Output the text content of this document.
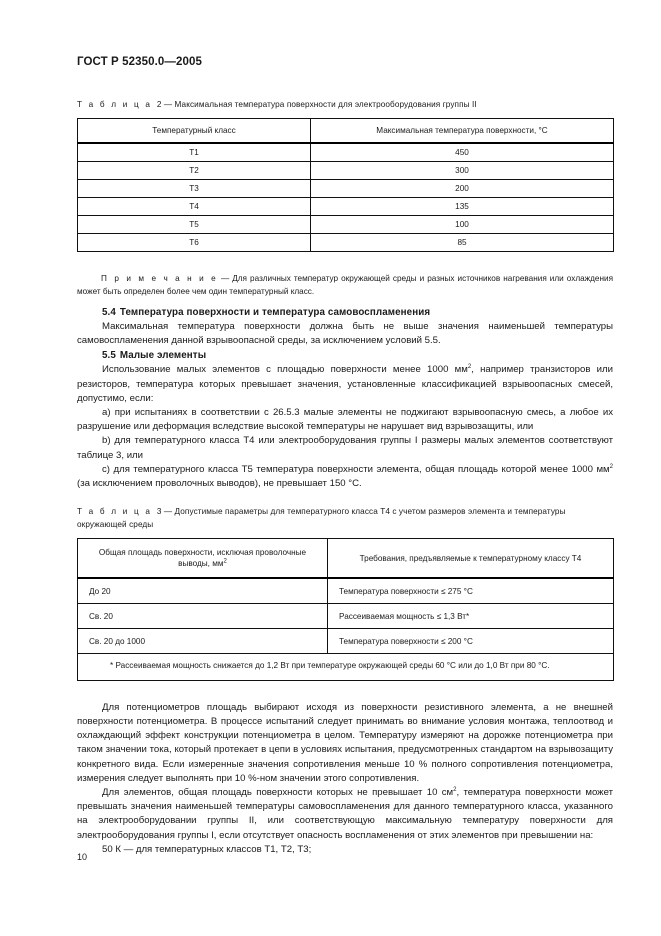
ГОСТ Р 52350.0—2005
Т а б л и ц а 2 — Максимальная температура поверхности для электрооборудования группы II
Температурный класс	Максимальная температура поверхности, °С
Т1	450
Т2	300
Т3	200
Т4	135
Т5	100
Т6	85

П р и м е ч а н и е — Для различных температур окружающей среды и разных источников нагревания или охлаждения может быть определен более чем один температурный класс.

5.4 Температура поверхности и температура самовоспламенения

Максимальная температура поверхности должна быть не выше значения наименьшей температуры самовоспламенения данной взрывоопасной среды, за исключением условий 5.5.

5.5 Малые элементы

Использование малых элементов с площадью поверхности менее 1000 $мм^2$, например транзисторов или резисторов, температура которых превышает значения, установленные классификацией взрывоопасных смесей, допустимо, если:

а) при испытаниях в соответствии с 26.5.3 малые элементы не поджигают взрывоопасную смесь, а любое их разрушение или деформация вследствие высокой температуры не нарушает вид взрывозащиты, или

b) для температурного класса Т4 или электрооборудования группы I размеры малых элементов соответствуют таблице 3, или

c) для температурного класса Т5 температура поверхности элемента, общая площадь которой менее 1000 $мм^2$ (за исключением проволочных выводов), не превышает 150 °С.

Т а б л и ц а 3 — Допустимые параметры для температурного класса Т4 с учетом размеров элемента и температуры окружающей среды
Общая площадь поверхности, исключая проволочные выводы, $мм^2$	Требования, предъявляемые к температурному классу Т4
До 20	Температура поверхности ≤ 275 °С
Св. 20	Рассеиваемая мощность ≤ 1,3 Вт*
Св. 20 до 1000	Температура поверхности ≤ 200 °С
* Рассеиваемая мощность снижается до 1,2 Вт при температуре окружающей среды 60 °С или до 1,0 Вт при 80 °С.	

Для потенциометров площадь выбирают исходя из поверхности резистивного элемента, а не внешней поверхности потенциометра. В процессе испытаний следует принимать во внимание условия монтажа, теплоотвод и охлаждающий эффект конструкции потенциометра в целом. Температуру измеряют на дорожке потенциометра при таком значении тока, который протекает в цепи в условиях испытания, предусмотренных стандартом на взрывозащиту конкретного вида. Если измеренные значения сопротивления меньше 10 % полного сопротивления потенциометра, измерения следует выполнять при 10 %-ном значении этого сопротивления.

Для элементов, общая площадь поверхности которых не превышает 10 $см^2$, температура поверхности может превышать значения наименьшей температуры самовоспламенения для данного температурного класса, указанного на электрооборудовании группы II, или соответствующую максимальную температуру поверхности для электрооборудования группы I, если отсутствует опасность воспламенения от этих элементов при превышении на:

50 К — для температурных классов Т1, Т2, Т3;

10
